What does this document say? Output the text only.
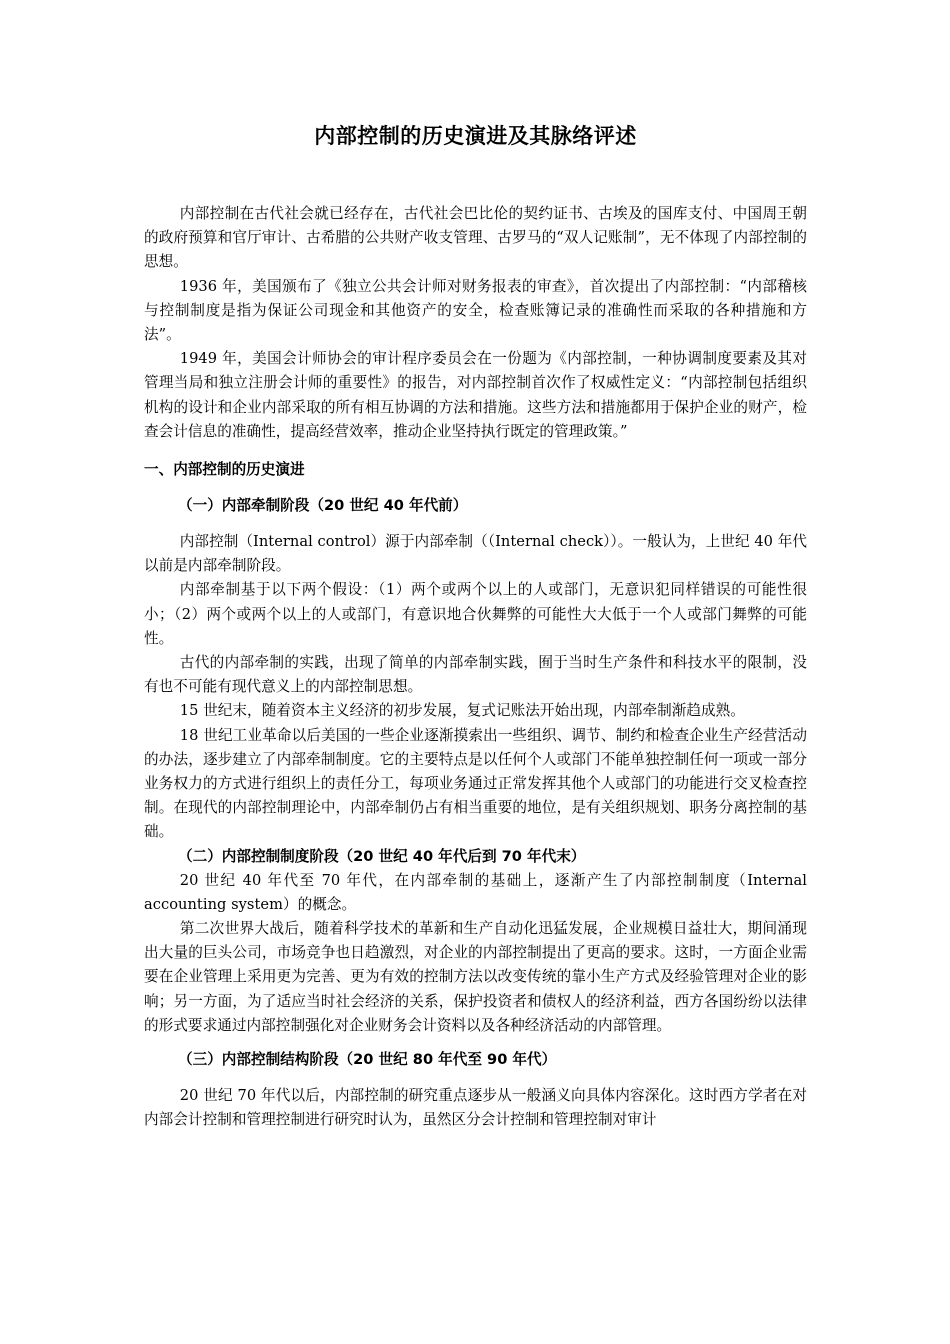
内部控制的历史演进及其脉络评述

内部控制在古代社会就已经存在，古代社会巴比伦的契约证书、古埃及的国库支付、中国周王朝的政府预算和官厅审计、古希腊的公共财产收支管理、古罗马的“双人记账制”，无不体现了内部控制的思想。

1936 年，美国颁布了《独立公共会计师对财务报表的审查》，首次提出了内部控制：“内部稽核与控制制度是指为保证公司现金和其他资产的安全，检查账簿记录的准确性而采取的各种措施和方法”。

1949 年，美国会计师协会的审计程序委员会在一份题为《内部控制，一种协调制度要素及其对管理当局和独立注册会计师的重要性》的报告，对内部控制首次作了权威性定义：“内部控制包括组织机构的设计和企业内部采取的所有相互协调的方法和措施。这些方法和措施都用于保护企业的财产，检查会计信息的准确性，提高经营效率，推动企业坚持执行既定的管理政策。”

一、内部控制的历史演进
（一）内部牵制阶段（20 世纪 40 年代前）

内部控制（Internal control）源于内部牵制（（Internal check））。一般认为，上世纪 40 年代以前是内部牵制阶段。

内部牵制基于以下两个假设：（1）两个或两个以上的人或部门，无意识犯同样错误的可能性很小；（2）两个或两个以上的人或部门，有意识地合伙舞弊的可能性大大低于一个人或部门舞弊的可能性。

古代的内部牵制的实践，出现了简单的内部牵制实践，囿于当时生产条件和科技水平的限制，没有也不可能有现代意义上的内部控制思想。

15 世纪末，随着资本主义经济的初步发展，复式记账法开始出现，内部牵制渐趋成熟。

18 世纪工业革命以后美国的一些企业逐渐摸索出一些组织、调节、制约和检查企业生产经营活动的办法，逐步建立了内部牵制制度。它的主要特点是以任何个人或部门不能单独控制任何一项或一部分业务权力的方式进行组织上的责任分工，每项业务通过正常发挥其他个人或部门的功能进行交叉检查控制。在现代的内部控制理论中，内部牵制仍占有相当重要的地位，是有关组织规划、职务分离控制的基础。

（二）内部控制制度阶段（20 世纪 40 年代后到 70 年代末）

20 世纪 40 年代至 70 年代，在内部牵制的基础上，逐渐产生了内部控制制度（Internal accounting system）的概念。

第二次世界大战后，随着科学技术的革新和生产自动化迅猛发展，企业规模日益壮大，期间涌现出大量的巨头公司，市场竞争也日趋激烈，对企业的内部控制提出了更高的要求。这时，一方面企业需要在企业管理上采用更为完善、更为有效的控制方法以改变传统的靠小生产方式及经验管理对企业的影响；另一方面，为了适应当时社会经济的关系，保护投资者和债权人的经济利益，西方各国纷纷以法律的形式要求通过内部控制强化对企业财务会计资料以及各种经济活动的内部管理。

（三）内部控制结构阶段（20 世纪 80 年代至 90 年代）

20 世纪 70 年代以后，内部控制的研究重点逐步从一般涵义向具体内容深化。这时西方学者在对内部会计控制和管理控制进行研究时认为，虽然区分会计控制和管理控制对审计
